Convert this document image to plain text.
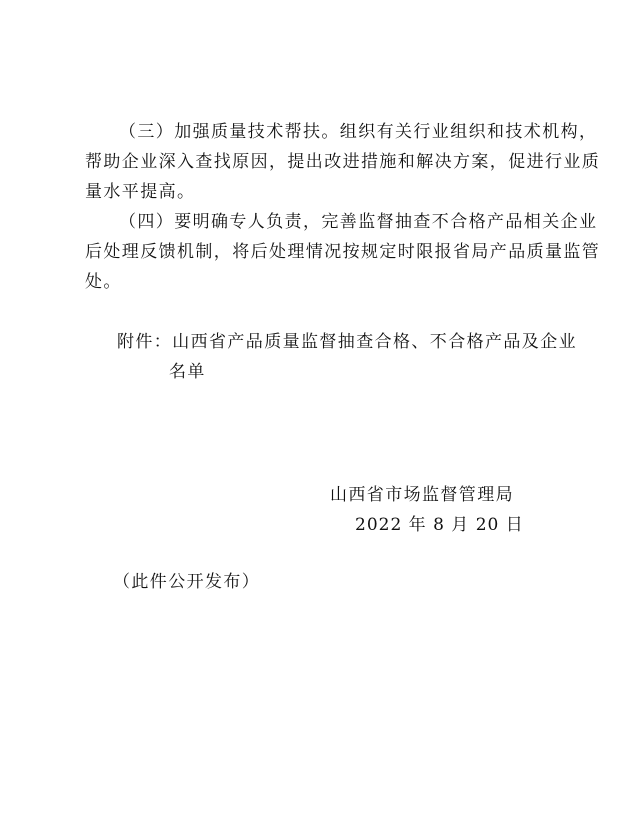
（三）加强质量技术帮扶。组织有关行业组织和技术机构，
帮助企业深入查找原因，提出改进措施和解决方案，促进行业质
量水平提高。
（四）要明确专人负责，完善监督抽查不合格产品相关企业
后处理反馈机制，将后处理情况按规定时限报省局产品质量监管
处。
附件：山西省产品质量监督抽查合格、不合格产品及企业
名单
山西省市场监督管理局
2022 年 8 月 20 日
（此件公开发布）
